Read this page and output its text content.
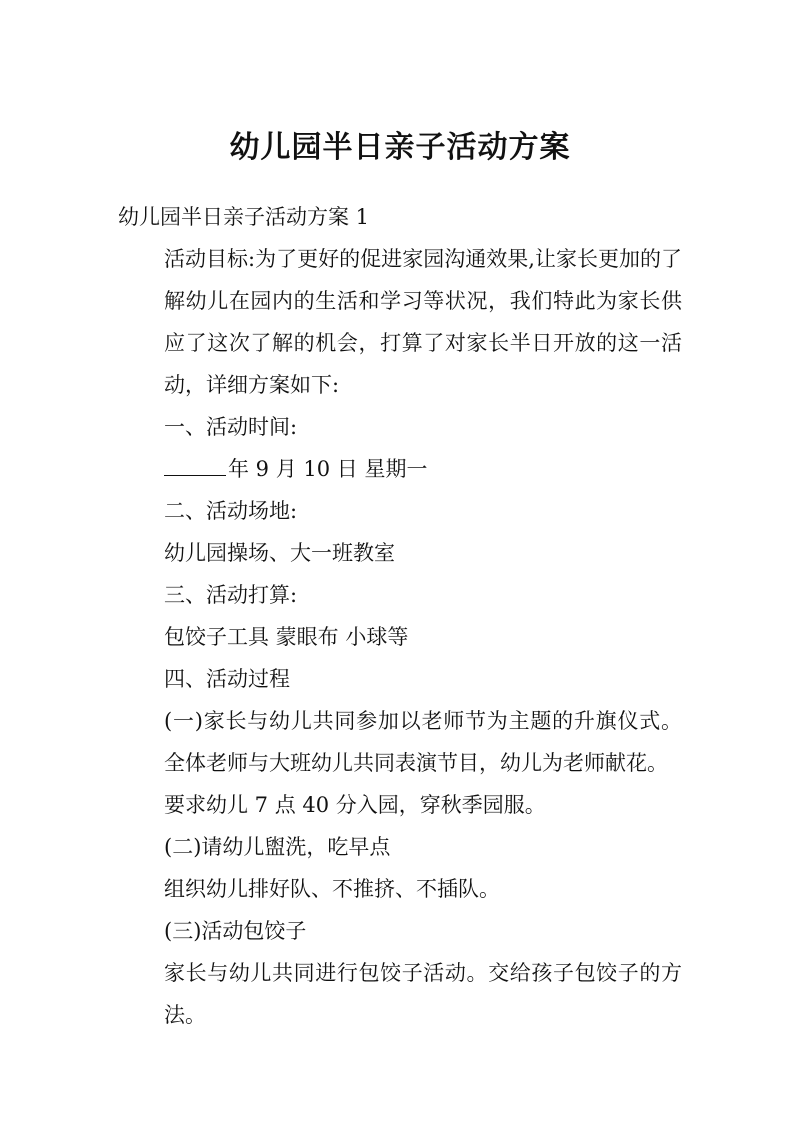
幼儿园半日亲子活动方案

幼儿园半日亲子活动方案 1

活动目标:为了更好的促进家园沟通效果,让家长更加的了解幼儿在园内的生活和学习等状况，我们特此为家长供应了这次了解的机会，打算了对家长半日开放的这一活动，详细方案如下:

一、活动时间:

年 9 月 10 日 星期一

二、活动场地:

幼儿园操场、大一班教室

三、活动打算:

包饺子工具 蒙眼布 小球等

四、活动过程

(一)家长与幼儿共同参加以老师节为主题的升旗仪式。全体老师与大班幼儿共同表演节目，幼儿为老师献花。

要求幼儿 7 点 40 分入园，穿秋季园服。

(二)请幼儿盥洗，吃早点

组织幼儿排好队、不推挤、不插队。

(三)活动包饺子

家长与幼儿共同进行包饺子活动。交给孩子包饺子的方法。
